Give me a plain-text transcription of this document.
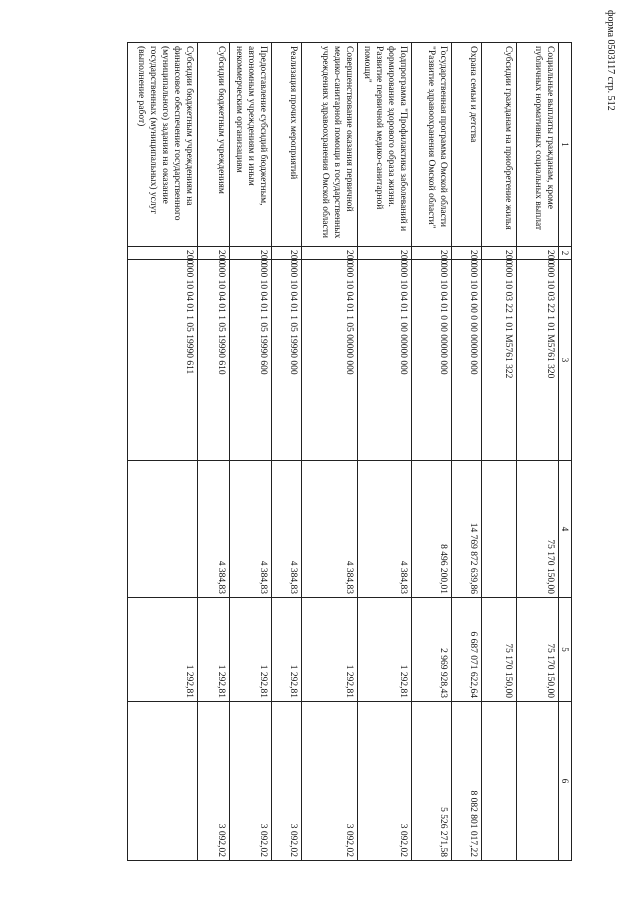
форма 0503117 стр. 512
1	2	3	4	5	6
Социальные выплаты гражданам, кроме публичных нормативных социальных выплат	200	000 10 03 22 1 01 M5761 320	75 170 150,00	75 170 150,00	
Субсидии гражданам на приобретение жилья	200	000 10 03 22 1 01 M5761 322		75 170 150,00	
Охрана семьи и детства	200	000 10 04 00 0 00 00000 000	14 769 872 639,86	6 687 071 622,64	8 082 801 017,22
Государственная программа Омской области "Развитие здравоохранения Омской области"	200	000 10 04 01 0 00 00000 000	8 496 200,01	2 969 928,43	5 526 271,58
Подпрограмма "Профилактика заболеваний и формирование здорового образа жизни. Развитие первичной медико-санитарной помощи"	200	000 10 04 01 1 00 00000 000	4 384,83	1 292,81	3 092,02
Совершенствование оказания первичной медико-санитарной помощи в государственных учреждениях здравоохранения Омской области	200	000 10 04 01 1 05 00000 000	4 384,83	1 292,81	3 092,02
Реализация прочих мероприятий	200	000 10 04 01 1 05 19990 000	4 384,83	1 292,81	3 092,02
Предоставление субсидий бюджетным, автономным учреждениям и иным некоммерческим организациям	200	000 10 04 01 1 05 19990 600	4 384,83	1 292,81	3 092,02
Субсидии бюджетным учреждениям	200	000 10 04 01 1 05 19990 610	4 384,83	1 292,81	3 092,02
Субсидии бюджетным учреждениям на финансовое обеспечение государственного (муниципального) задания на оказание государственных (муниципальных) услуг (выполнение работ)	200	000 10 04 01 1 05 19990 611		1 292,81	
